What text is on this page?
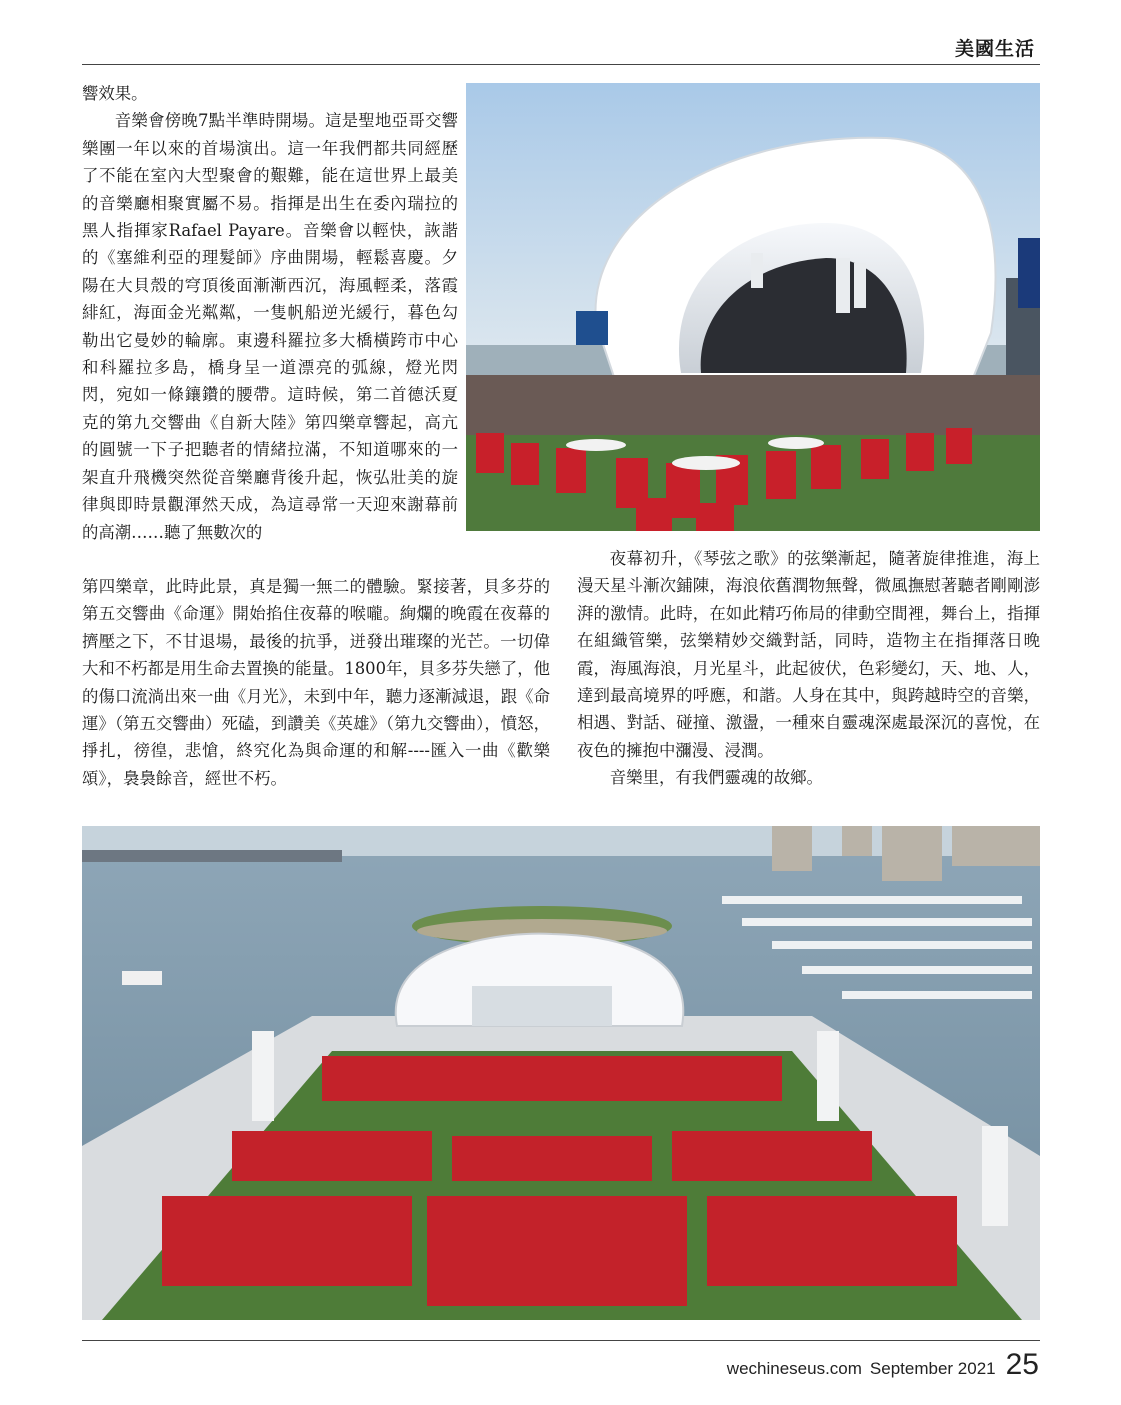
美國生活

響效果。

音樂會傍晚7點半準時開場。這是聖地亞哥交響樂團一年以來的首場演出。這一年我們都共同經歷了不能在室內大型聚會的艱難，能在這世界上最美的音樂廳相聚實屬不易。指揮是出生在委內瑞拉的黑人指揮家Rafael Payare。音樂會以輕快，詼諧的《塞維利亞的理髮師》序曲開場，輕鬆喜慶。夕陽在大貝殼的穹頂後面漸漸西沉，海風輕柔，落霞緋紅，海面金光粼粼，一隻帆船逆光緩行，暮色勾勒出它曼妙的輪廓。東邊科羅拉多大橋橫跨市中心和科羅拉多島，橋身呈一道漂亮的弧線，燈光閃閃，宛如一條鑲鑽的腰帶。這時候，第二首德沃夏克的第九交響曲《自新大陸》第四樂章響起，高亢的圓號一下子把聽者的情緒拉滿，不知道哪來的一架直升飛機突然從音樂廳背後升起，恢弘壯美的旋律與即時景觀渾然天成，為這尋常一天迎來謝幕前的高潮……聽了無數次的

第四樂章，此時此景，真是獨一無二的體驗。緊接著，貝多芬的第五交響曲《命運》開始掐住夜幕的喉嚨。絢爛的晚霞在夜幕的擠壓之下，不甘退場，最後的抗爭，迸發出璀璨的光芒。一切偉大和不朽都是用生命去置換的能量。1800年，貝多芬失戀了，他的傷口流淌出來一曲《月光》，未到中年，聽力逐漸減退，跟《命運》（第五交響曲）死磕，到讚美《英雄》（第九交響曲），憤怒，掙扎，徬徨，悲愴，終究化為與命運的和解----匯入一曲《歡樂頌》，裊裊餘音，經世不朽。

夜幕初升，《琴弦之歌》的弦樂漸起，隨著旋律推進，海上漫天星斗漸次鋪陳，海浪依舊潤物無聲，微風撫慰著聽者剛剛澎湃的激情。此時，在如此精巧佈局的律動空間裡，舞台上，指揮在組織管樂，弦樂精妙交織對話，同時，造物主在指揮落日晚霞，海風海浪，月光星斗，此起彼伏，色彩變幻，天、地、人，達到最高境界的呼應，和諧。人身在其中，與跨越時空的音樂，相遇、對話、碰撞、激盪，一種來自靈魂深處最深沉的喜悅，在夜色的擁抱中瀰漫、浸潤。

音樂里，有我們靈魂的故鄉。

wechineseus.com September 2021 25
